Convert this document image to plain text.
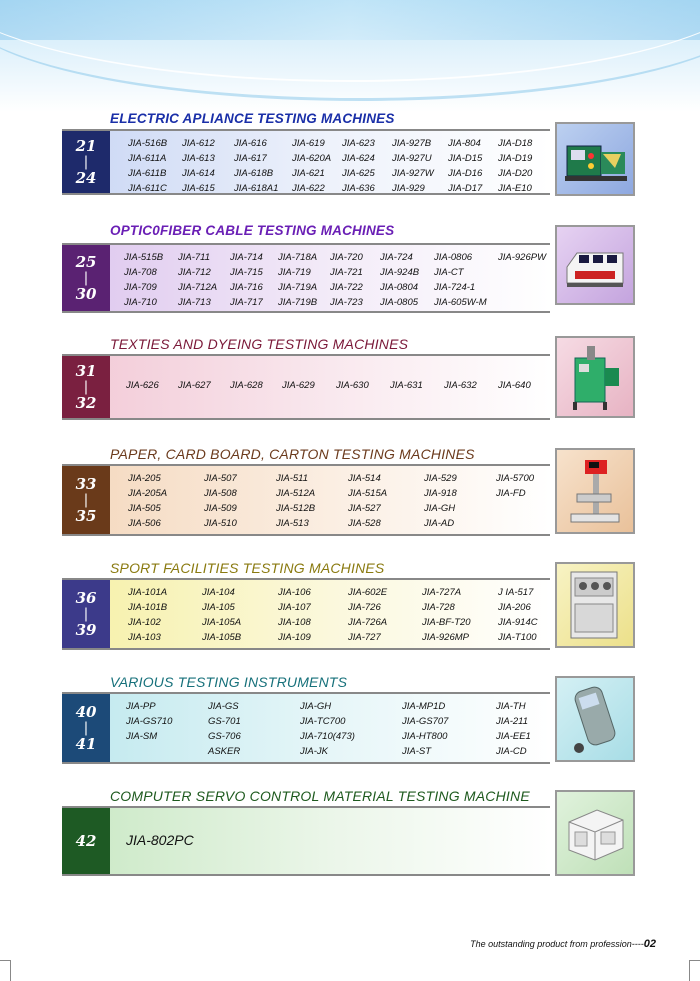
ELECTRIC APLIANCE TESTING MACHINES
21
|
24
JIA-516B
JIA-611A
JIA-611B
JIA-611C
JIA-612
JIA-613
JIA-614
JIA-615
JIA-616
JIA-617
JIA-618B
JIA-618A1
JIA-619
JIA-620A
JIA-621
JIA-622
JIA-623
JIA-624
JIA-625
JIA-636
JIA-927B
JIA-927U
JIA-927W
JIA-929
JIA-804
JIA-D15
JIA-D16
JIA-D17
JIA-D18
JIA-D19
JIA-D20
JIA-E10
OPTIC0FIBER CABLE TESTING MACHINES
25
|
30
JIA-515B
JIA-708
JIA-709
JIA-710
JIA-711
JIA-712
JIA-712A
JIA-713
JIA-714
JIA-715
JIA-716
JIA-717
JIA-718A
JIA-719
JIA-719A
JIA-719B
JIA-720
JIA-721
JIA-722
JIA-723
JIA-724
JIA-924B
JIA-0804
JIA-0805
JIA-0806
JIA-CT
JIA-724-1
JIA-605W-M
JIA-926PW
TEXTIES AND DYEING TESTING MACHINES
31
|
32
JIA-626 JIA-627 JIA-628 JIA-629 JIA-630 JIA-631 JIA-632 JIA-640
PAPER, CARD BOARD, CARTON TESTING MACHINES
33
|
35
JIA-205
JIA-205A
JIA-505
JIA-506
JIA-507
JIA-508
JIA-509
JIA-510
JIA-511
JIA-512A
JIA-512B
JIA-513
JIA-514
JIA-515A
JIA-527
JIA-528
JIA-529
JIA-918
JIA-GH
JIA-AD
JIA-5700
JIA-FD
SPORT FACILITIES TESTING MACHINES
36
|
39
JIA-101A
JIA-101B
JIA-102
JIA-103
JIA-104
JIA-105
JIA-105A
JIA-105B
JIA-106
JIA-107
JIA-108
JIA-109
JIA-602E
JIA-726
JIA-726A
JIA-727
JIA-727A
JIA-728
JIA-BF-T20
JIA-926MP
J IA-517
JIA-206
JIA-914C
JIA-T100
VARIOUS TESTING INSTRUMENTS
40
|
41
JIA-PP
JIA-GS710
JIA-SM
JIA-GS
GS-701
GS-706
ASKER
JIA-GH
JIA-TC700
JIA-710(473)
JIA-JK
JIA-MP1D
JIA-GS707
JIA-HT800
JIA-ST
JIA-TH
JIA-211
JIA-EE1
JIA-CD
COMPUTER SERVO CONTROL MATERIAL TESTING MACHINE
42 JIA-802PC
The outstanding product from profession----02
